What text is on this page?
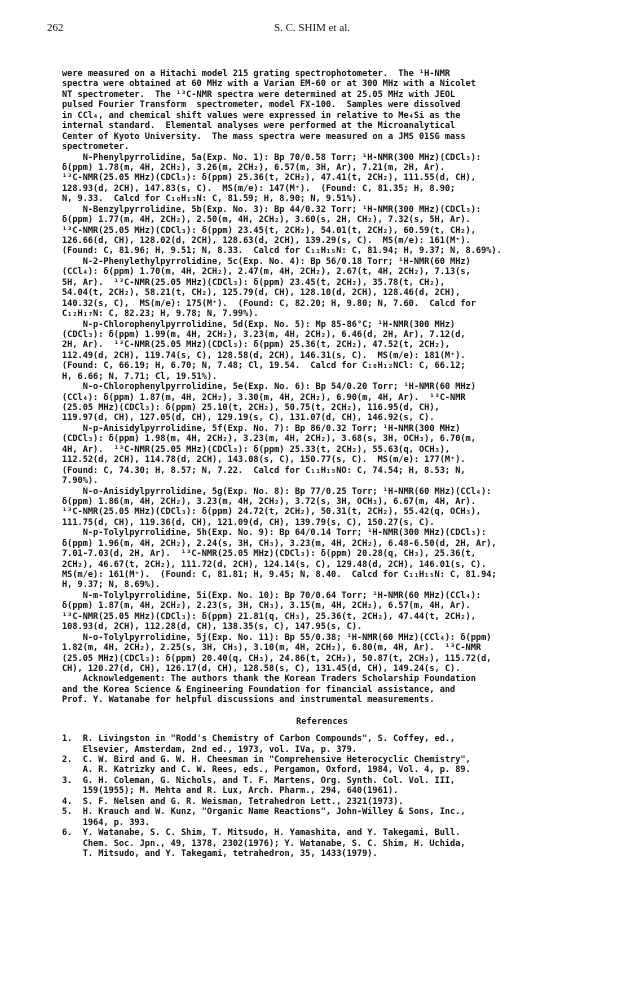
262	S. C. SHIM et al.
were measured on a Hitachi model 215 grating spectrophotometer.  The ¹H-NMR
spectra were obtained at 60 MHz with a Varian EM-60 or at 300 MHz with a Nicolet
NT spectrometer.  The ¹³C-NMR spectra were determined at 25.05 MHz with JEOL
pulsed Fourier Transform  spectrometer, model FX-100.  Samples were dissolved
in CCl₄, and chemical shift values were expressed in relative to Me₄Si as the
internal standard.  Elemental analyses were performed at the Microanalytical
Center of Kyoto University.  The mass spectra were measured on a JMS 01SG mass
spectrometer.
N-Phenylpyrrolidine, 5a(Exp. No. 1): Bp 70/0.58 Torr; ¹H-NMR(300 MHz)(CDCl₃):
δ(ppm) 1.78(m, 4H, 2CH₂), 3.26(m, 2CH₂), 6.57(m, 3H, Ar), 7.21(m, 2H, Ar).
¹³C-NMR(25.05 MHz)(CDCl₃): δ(ppm) 25.36(t, 2CH₂), 47.41(t, 2CH₂), 111.55(d, CH),
128.93(d, 2CH), 147.83(s, C).  MS(m/e): 147(M⁺).  (Found: C, 81.35; H, 8.90;
N, 9.33.  Calcd for C₁₀H₁₃N: C, 81.59; H, 8.90; N, 9.51%).
N-Benzylpyrrolidine, 5b(Exp. No. 3): Bp 44/0.32 Torr; ¹H-NMR(300 MHz)(CDCl₃):
δ(ppm) 1.77(m, 4H, 2CH₂), 2.50(m, 4H, 2CH₂), 3.60(s, 2H, CH₂), 7.32(s, 5H, Ar).
¹³C-NMR(25.05 MHz)(CDCl₃): δ(ppm) 23.45(t, 2CH₂), 54.01(t, 2CH₂), 60.59(t, CH₂),
126.66(d, CH), 128.02(d, 2CH), 128.63(d, 2CH), 139.29(s, C).  MS(m/e): 161(M⁺).
(Found: C, 81.96; H, 9.51; N, 8.33.  Calcd for C₁₁H₁₅N: C, 81.94; H, 9.37; N, 8.69%).
N-2-Phenylethylpyrrolidine, 5c(Exp. No. 4): Bp 56/0.18 Torr; ¹H-NMR(60 MHz)
(CCl₄): δ(ppm) 1.70(m, 4H, 2CH₂), 2.47(m, 4H, 2CH₂), 2.67(t, 4H, 2CH₂), 7.13(s,
5H, Ar).  ¹³C-NMR(25.05 MHz)(CDCl₃): δ(ppm) 23.45(t, 2CH₂), 35.78(t, CH₂),
54.04(t, 2CH₂), 58.21(t, CH₂), 125.79(d, CH), 128.10(d, 2CH), 128.46(d, 2CH),
140.32(s, C),  MS(m/e): 175(M⁺).  (Found: C, 82.20; H, 9.80; N, 7.60.  Calcd for
C₁₂H₁₇N: C, 82.23; H, 9.78; N, 7.99%).
N-p-Chlorophenylpyrrolidine, 5d(Exp. No. 5): Mp 85-86°C; ¹H-NMR(300 MHz)
(CDCl₃): δ(ppm) 1.99(m, 4H, 2CH₂), 3.23(m, 4H, 2CH₂), 6.46(d, 2H, Ar), 7.12(d,
2H, Ar).  ¹³C-NMR(25.05 MHz)(CDCl₃): δ(ppm) 25.36(t, 2CH₂), 47.52(t, 2CH₂),
112.49(d, 2CH), 119.74(s, C), 128.58(d, 2CH), 146.31(s, C).  MS(m/e): 181(M⁺).
(Found: C, 66.19; H, 6.70; N, 7.48; Cl, 19.54.  Calcd for C₁₀H₁₂NCl: C, 66.12;
H, 6.66; N, 7.71; Cl, 19.51%).
N-o-Chlorophenylpyrrolidine, 5e(Exp. No. 6): Bp 54/0.20 Torr; ¹H-NMR(60 MHz)
(CCl₄): δ(ppm) 1.87(m, 4H, 2CH₂), 3.30(m, 4H, 2CH₂), 6.90(m, 4H, Ar).  ¹³C-NMR
(25.05 MHz)(CDCl₃): δ(ppm) 25.10(t, 2CH₂), 50.75(t, 2CH₂), 116.95(d, CH),
119.97(d, CH), 127.05(d, CH), 129.19(s, C), 131.07(d, CH), 146.92(s, C).
N-p-Anisidylpyrrolidine, 5f(Exp. No. 7): Bp 86/0.32 Torr; ¹H-NMR(300 MHz)
(CDCl₃): δ(ppm) 1.98(m, 4H, 2CH₂), 3.23(m, 4H, 2CH₂), 3.68(s, 3H, OCH₃), 6.70(m,
4H, Ar).  ¹³C-NMR(25.05 MHz)(CDCl₃): δ(ppm) 25.33(t, 2CH₂), 55.63(q, OCH₃),
112.52(d, 2CH), 114.78(d, 2CH), 143.08(s, C), 150.77(s, C).  MS(m/e): 177(M⁺).
(Found: C, 74.30; H, 8.57; N, 7.22.  Calcd for C₁₁H₁₅NO: C, 74.54; H, 8.53; N,
7.90%).
N-o-Anisidylpyrrolidine, 5g(Exp. No. 8): Bp 77/0.25 Torr; ¹H-NMR(60 MHz)(CCl₄):
δ(ppm) 1.86(m, 4H, 2CH₂), 3.23(m, 4H, 2CH₂), 3.72(s, 3H, OCH₃), 6.67(m, 4H, Ar).
¹³C-NMR(25.05 MHz)(CDCl₃): δ(ppm) 24.72(t, 2CH₂), 50.31(t, 2CH₂), 55.42(q, OCH₃),
111.75(d, CH), 119.36(d, CH), 121.09(d, CH), 139.79(s, C), 150.27(s, C).
N-p-Tolylpyrrolidine, 5h(Exp. No. 9): Bp 64/0.14 Torr; ¹H-NMR(300 MHz)(CDCl₃):
δ(ppm) 1.96(m, 4H, 2CH₂), 2.24(s, 3H, CH₃), 3.23(m, 4H, 2CH₂), 6.48-6.50(d, 2H, Ar),
7.01-7.03(d, 2H, Ar).  ¹³C-NMR(25.05 MHz)(CDCl₃): δ(ppm) 20.28(q, CH₃), 25.36(t,
2CH₂), 46.67(t, 2CH₂), 111.72(d, 2CH), 124.14(s, C), 129.48(d, 2CH), 146.01(s, C).
MS(m/e): 161(M⁺).  (Found: C, 81.81; H, 9.45; N, 8.40.  Calcd for C₁₁H₁₅N: C, 81.94;
H, 9.37; N, 8.69%).
N-m-Tolylpyrrolidine, 5i(Exp. No. 10): Bp 70/0.64 Torr; ¹H-NMR(60 MHz)(CCl₄):
δ(ppm) 1.87(m, 4H, 2CH₂), 2.23(s, 3H, CH₃), 3.15(m, 4H, 2CH₂), 6.57(m, 4H, Ar).
¹³C-NMR(25.05 MHz)(CDCl₃): δ(ppm) 21.81(q, CH₃), 25.36(t, 2CH₂), 47.44(t, 2CH₂),
108.93(d, 2CH), 112.28(d, CH), 138.35(s, C), 147.95(s, C).
N-o-Tolylpyrrolidine, 5j(Exp. No. 11): Bp 55/0.38; ¹H-NMR(60 MHz)(CCl₄): δ(ppm)
1.82(m, 4H, 2CH₂), 2.25(s, 3H, CH₃), 3.10(m, 4H, 2CH₂), 6.80(m, 4H, Ar).  ¹³C-NMR
(25.05 MHz)(CDCl₃): δ(ppm) 20.40(q, CH₃), 24.86(t, 2CH₂), 50.87(t, 2CH₂), 115.72(d,
CH), 120.27(d, CH), 126.17(d, CH), 128.58(s, C), 131.45(d, CH), 149.24(s, C).
Acknowledgement: The authors thank the Korean Traders Scholarship Foundation
and the Korea Science & Engineering Foundation for financial assistance, and
Prof. Y. Watanabe for helpful discussions and instrumental measurements.
References
1.  R. Livingston in "Rodd's Chemistry of Carbon Compounds", S. Coffey, ed.,
Elsevier, Amsterdam, 2nd ed., 1973, vol. IVa, p. 379.
2.  C. W. Bird and G. W. H. Cheesman in "Comprehensive Heterocyclic Chemistry",
A. R. Katrizky and C. W. Rees, eds., Pergamon, Oxford, 1984, Vol. 4, p. 89.
3.  G. H. Coleman, G. Nichols, and T. F. Martens, Org. Synth. Col. Vol. III,
159(1955); M. Mehta and R. Lux, Arch. Pharm., 294, 640(1961).
4.  S. F. Nelsen and G. R. Weisman, Tetrahedron Lett., 2321(1973).
5.  H. Krauch and W. Kunz, "Organic Name Reactions", John-Willey & Sons, Inc.,
1964, p. 393.
6.  Y. Watanabe, S. C. Shim, T. Mitsudo, H. Yamashita, and Y. Takegami, Bull.
Chem. Soc. Jpn., 49, 1378, 2302(1976); Y. Watanabe, S. C. Shim, H. Uchida,
T. Mitsudo, and Y. Takegami, tetrahedron, 35, 1433(1979).
